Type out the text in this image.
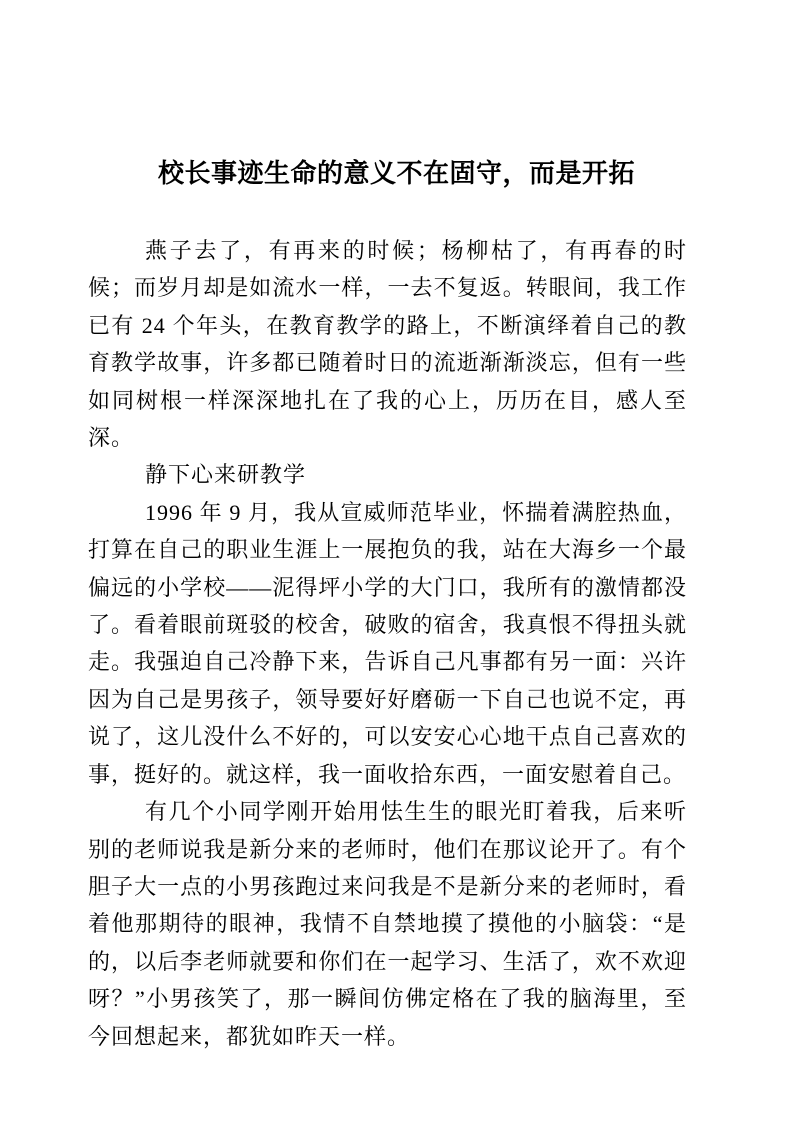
校长事迹生命的意义不在固守，而是开拓

燕子去了，有再来的时候；杨柳枯了，有再春的时候；而岁月却是如流水一样，一去不复返。转眼间，我工作已有 24 个年头，在教育教学的路上，不断演绎着自己的教育教学故事，许多都已随着时日的流逝渐渐淡忘，但有一些如同树根一样深深地扎在了我的心上，历历在目，感人至深。

静下心来研教学

1996 年 9 月，我从宣威师范毕业，怀揣着满腔热血，打算在自己的职业生涯上一展抱负的我，站在大海乡一个最偏远的小学校——泥得坪小学的大门口，我所有的激情都没了。看着眼前斑驳的校舍，破败的宿舍，我真恨不得扭头就走。我强迫自己冷静下来，告诉自己凡事都有另一面：兴许因为自己是男孩子，领导要好好磨砺一下自己也说不定，再说了，这儿没什么不好的，可以安安心心地干点自己喜欢的事，挺好的。就这样，我一面收拾东西，一面安慰着自己。

有几个小同学刚开始用怯生生的眼光盯着我，后来听别的老师说我是新分来的老师时，他们在那议论开了。有个胆子大一点的小男孩跑过来问我是不是新分来的老师时，看着他那期待的眼神，我情不自禁地摸了摸他的小脑袋：“是的，以后李老师就要和你们在一起学习、生活了，欢不欢迎呀？”小男孩笑了，那一瞬间仿佛定格在了我的脑海里，至今回想起来，都犹如昨天一样。
